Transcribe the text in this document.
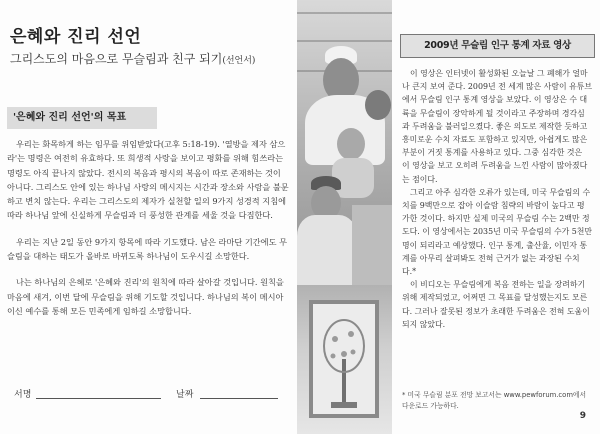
은혜와 진리 선언
그리스도의 마음으로 무슬림과 친구 되기(선언서)
'은혜와 진리 선언'의 목표

우리는 화목하게 하는 임무를 위임받았다(고후 5:18-19). '열방을 제자 삼으라'는 명령은 여전히 유효하다. 또 희생적 사랑을 보이고 평화를 위해 힘쓰라는 명령도 아직 끝나지 않았다. 전시의 복음과 평시의 복음이 따로 존재하는 것이 아니다. 그리스도 안에 있는 하나님 사랑의 메시지는 시간과 장소와 사람을 불문하고 변치 않는다. 우리는 그리스도의 제자가 실천할 일의 9가지 성경적 지침에 따라 하나님 앞에 신실하게 무슬림과 더 풍성한 관계를 세울 것을 다짐한다.

우리는 지난 2일 동안 9가지 항목에 따라 기도했다. 남은 라마단 기간에도 무슬림을 대하는 태도가 올바로 바뀌도록 하나님이 도우시길 소망한다.

나는 하나님의 은혜로 '은혜와 진리'의 원칙에 따라 살아갈 것입니다. 원칙을 마음에 새겨, 이번 달에 무슬림을 위해 기도할 것입니다. 하나님의 복이 메시아이신 예수를 통해 모든 민족에게 임하길 소망합니다.

서명	날짜
2009년 무슬림 인구 통계 자료 영상

이 영상은 인터넷이 활성화된 오늘날 그 폐해가 얼마나 큰지 보여 준다. 2009년 전 세계 많은 사람이 유튜브에서 무슬림 인구 통계 영상을 보았다. 이 영상은 수 대륙을 무슬림이 장악하게 될 것이라고 주장하며 경각심과 두려움을 불러일으켰다. 좋은 의도로 제작한 듯하고 흥미로운 수치 자료도 포함하고 있지만, 아쉽게도 많은 부분이 거짓 통계를 사용하고 있다. 그중 심각한 것은 이 영상을 보고 오히려 두려움을 느낀 사람이 많아졌다는 점이다.

그리고 아주 심각한 오류가 있는데, 미국 무슬림의 수치를 9백만으로 잡아 이슬람 침략의 바람이 높다고 평가한 것이다. 하지만 실제 미국의 무슬림 수는 2백만 정도다. 이 영상에서는 2035년 미국 무슬림의 수가 5천만 명이 되리라고 예상했다. 인구 통계, 출산율, 이민자 통계를 아무리 살펴봐도 전혀 근거가 없는 과장된 수치다.*

이 비디오는 무슬림에게 복음 전하는 일을 장려하기 위해 제작되었고, 어쩌면 그 목표를 달성했는지도 모른다. 그러나 잘못된 정보가 초래한 두려움은 전혀 도움이 되지 않았다.

* 미국 무슬림 분포 전망 보고서는 www.pewforum.com에서 다운로드 가능하다.
9
